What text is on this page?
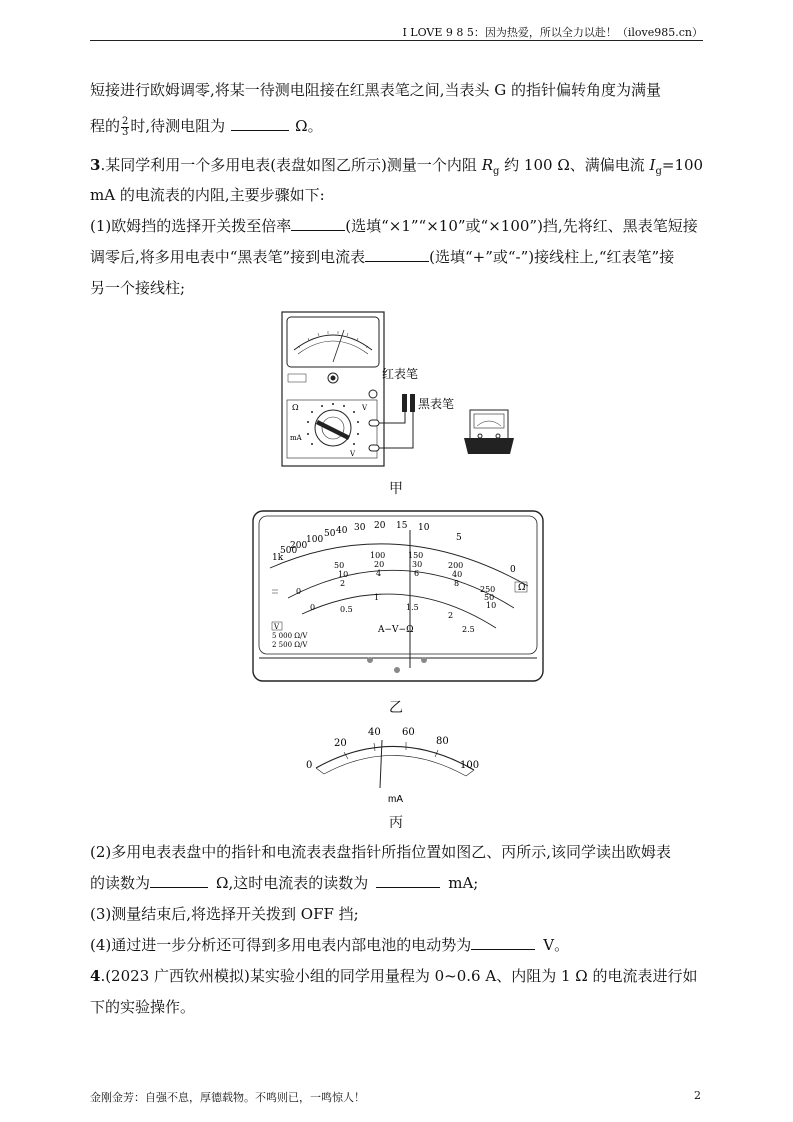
I LOVE 9 8 5：因为热爱，所以全力以赴！（ilove985.cn）
短接进行欧姆调零,将某一待测电阻接在红黑表笔之间,当表头 G 的指针偏转角度为满量
程的 $\frac{2}{3}$ 时,待测电阻为	Ω。
3.某同学利用一个多用电表(表盘如图乙所示)测量一个内阻 $R_g$ 约 100 Ω、满偏电流 $I_g=100$
mA 的电流表的内阻,主要步骤如下:
(1)欧姆挡的选择开关拨至倍率	(选填“×1”“×10”或“×100”)挡,先将红、黑表笔短接
调零后,将多用电表中“黑表笔”接到电流表	(选填“+”或“-”)接线柱上,“红表笔”接
另一个接线柱;
Ω	V
mA
V
红表笔
黑表笔
甲
1k
500
200
100
50 40 30 20 15 10
5
0
Ω
0
50
10
2
100
20
4
150
30
6
200
40
8
250
50
10
0	0.5
1
1.5
2
2.5
A−V−Ω
5 000 Ω/V
2 500 Ω/V
V
乙
0
20
40 60
80
100
mA
丙
(2)多用电表表盘中的指针和电流表表盘指针所指位置如图乙、丙所示,该同学读出欧姆表
的读数为	Ω,这时电流表的读数为	mA;
(3)测量结束后,将选择开关拨到 OFF 挡;
(4)通过进一步分析还可得到多用电表内部电池的电动势为	V。
4.(2023 广西钦州模拟)某实验小组的同学用量程为 0~0.6 A、内阻为 1 Ω 的电流表进行如
下的实验操作。
金刚金芳：自强不息，厚德载物。不鸣则已，一鸣惊人！	2
